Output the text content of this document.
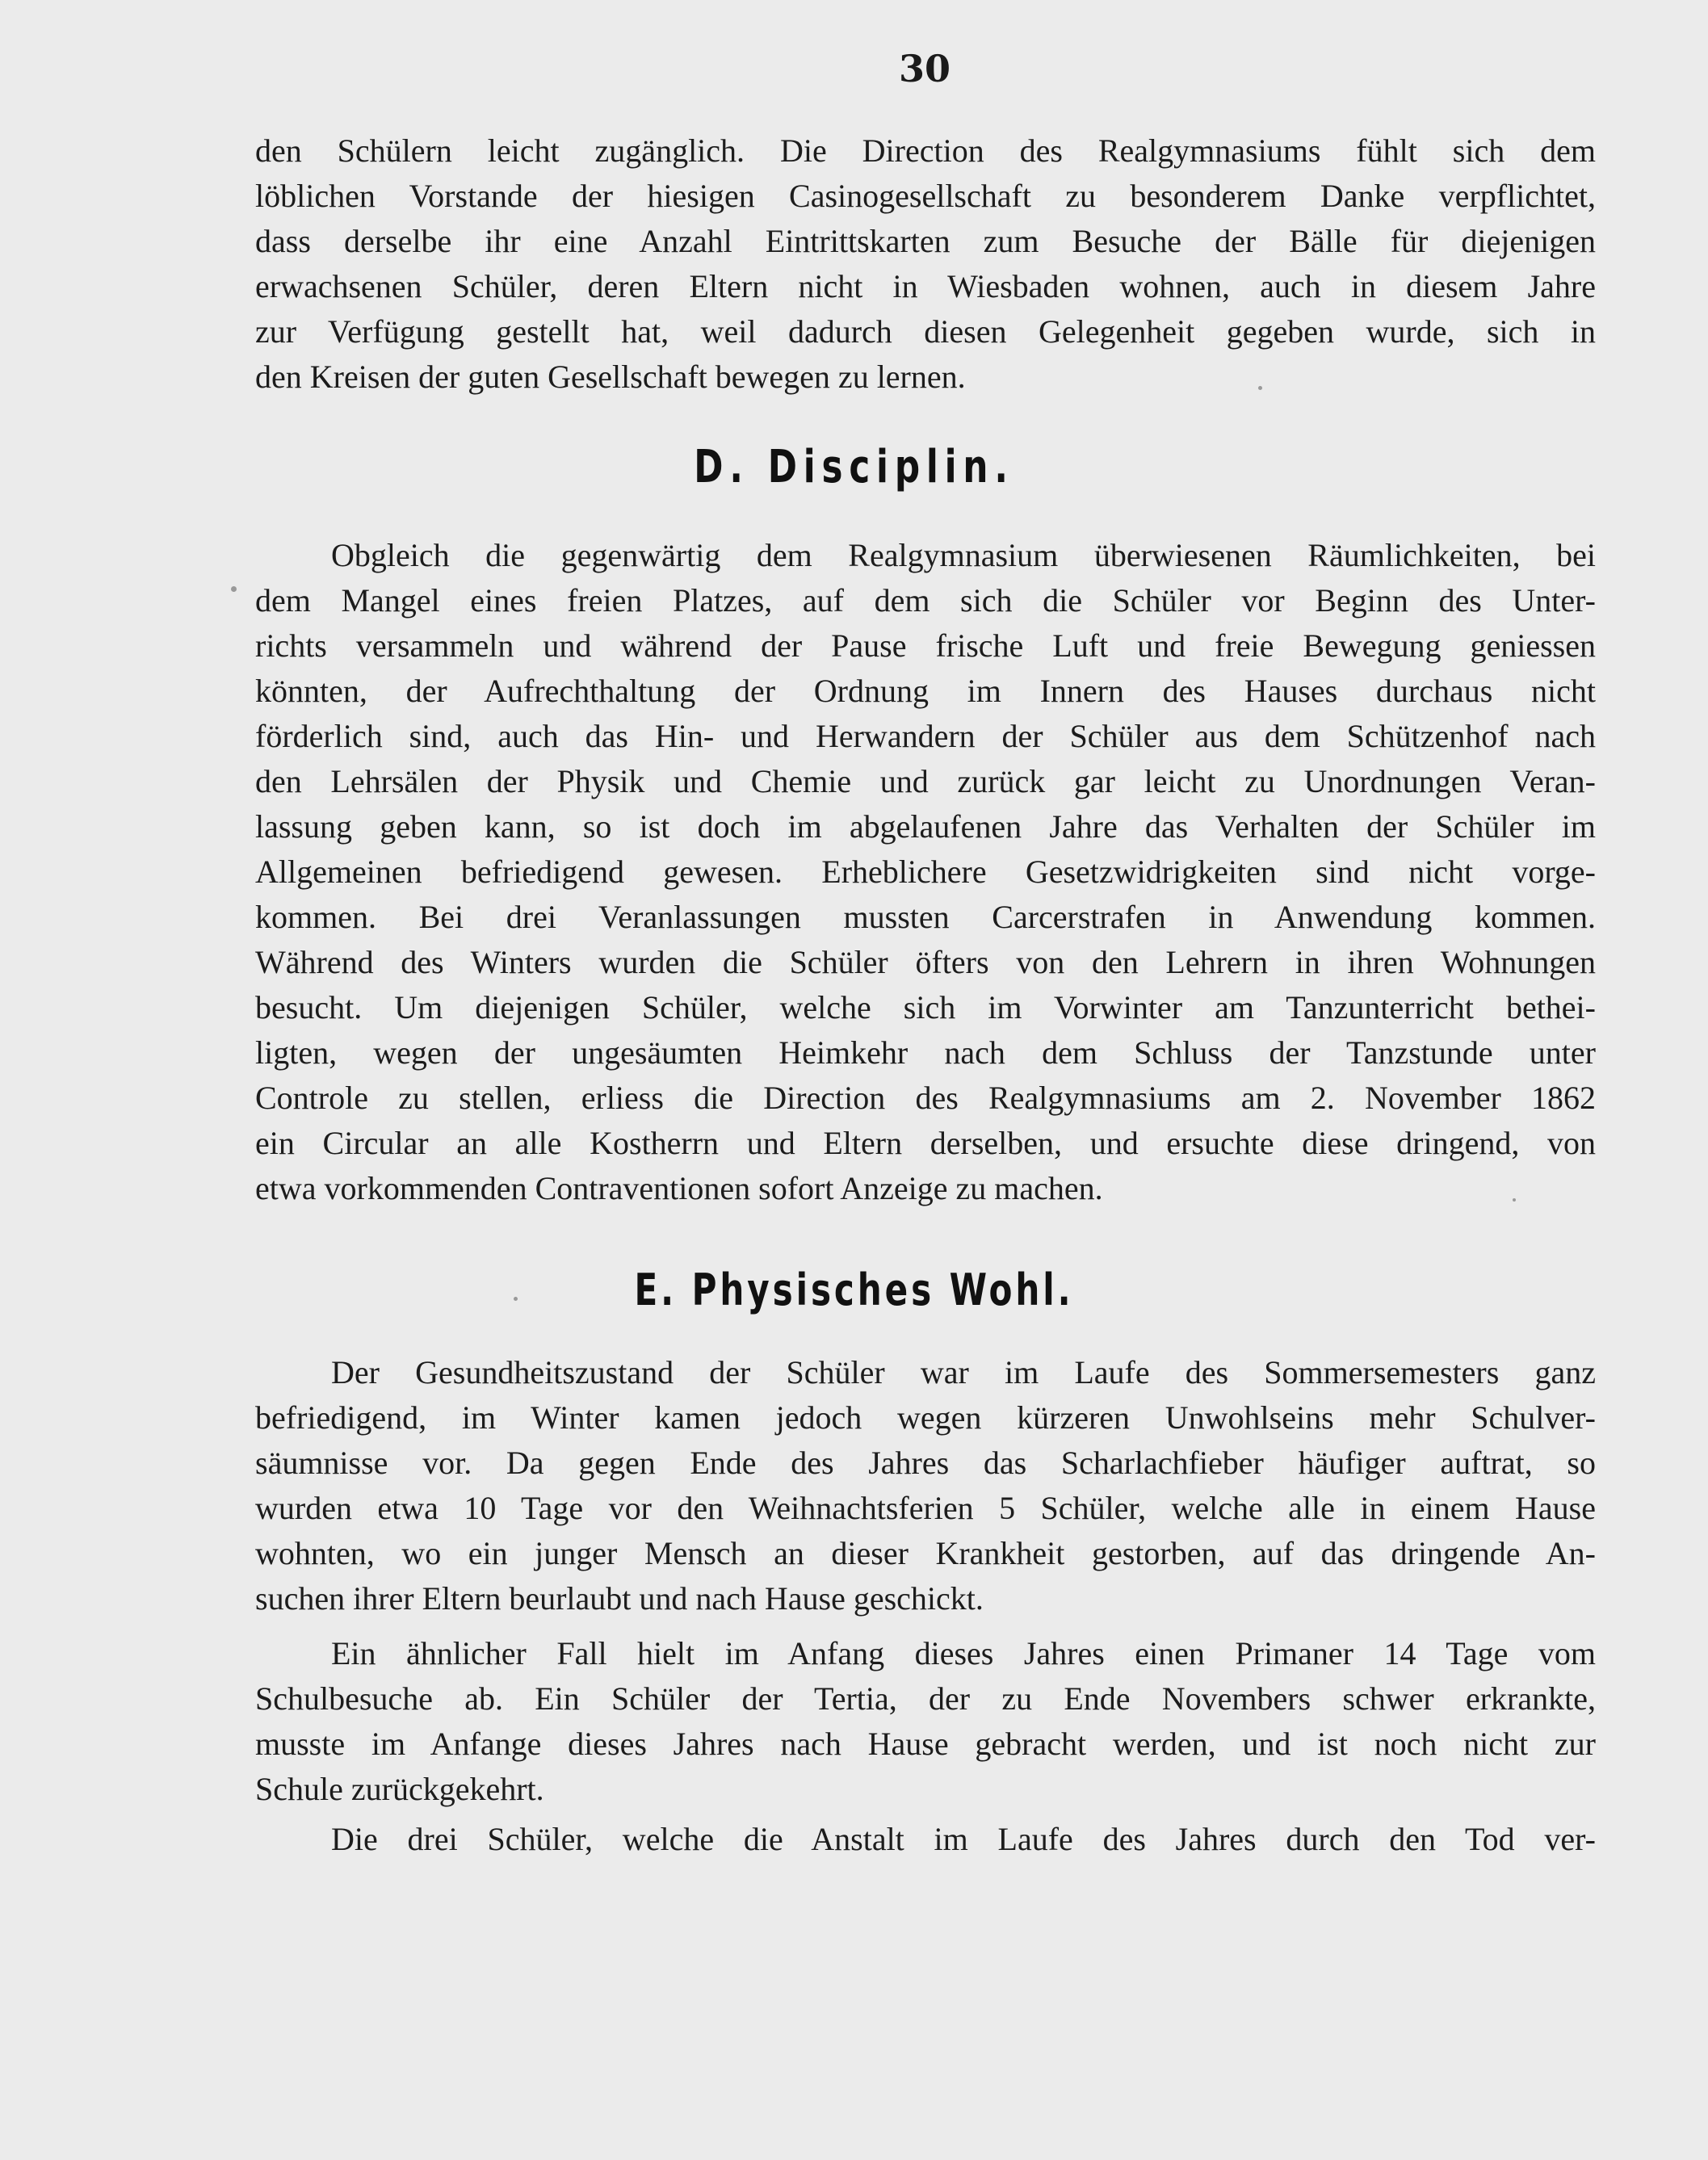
30
den Schülern leicht zugänglich. Die Direction des Realgymnasiums fühlt sich dem
löblichen Vorstande der hiesigen Casinogesellschaft zu besonderem Danke verpflichtet,
dass derselbe ihr eine Anzahl Eintrittskarten zum Besuche der Bälle für diejenigen
erwachsenen Schüler, deren Eltern nicht in Wiesbaden wohnen, auch in diesem Jahre
zur Verfügung gestellt hat, weil dadurch diesen Gelegenheit gegeben wurde, sich in
den Kreisen der guten Gesellschaft bewegen zu lernen.
D. Disciplin.
Obgleich die gegenwärtig dem Realgymnasium überwiesenen Räumlichkeiten, bei
dem Mangel eines freien Platzes, auf dem sich die Schüler vor Beginn des Unter-
richts versammeln und während der Pause frische Luft und freie Bewegung geniessen
könnten, der Aufrechthaltung der Ordnung im Innern des Hauses durchaus nicht
förderlich sind, auch das Hin- und Herwandern der Schüler aus dem Schützenhof nach
den Lehrsälen der Physik und Chemie und zurück gar leicht zu Unordnungen Veran-
lassung geben kann, so ist doch im abgelaufenen Jahre das Verhalten der Schüler im
Allgemeinen befriedigend gewesen. Erheblichere Gesetzwidrigkeiten sind nicht vorge-
kommen. Bei drei Veranlassungen mussten Carcerstrafen in Anwendung kommen.
Während des Winters wurden die Schüler öfters von den Lehrern in ihren Wohnungen
besucht. Um diejenigen Schüler, welche sich im Vorwinter am Tanzunterricht bethei-
ligten, wegen der ungesäumten Heimkehr nach dem Schluss der Tanzstunde unter
Controle zu stellen, erliess die Direction des Realgymnasiums am 2. November 1862
ein Circular an alle Kostherrn und Eltern derselben, und ersuchte diese dringend, von
etwa vorkommenden Contraventionen sofort Anzeige zu machen.
E. Physisches Wohl.
Der Gesundheitszustand der Schüler war im Laufe des Sommersemesters ganz
befriedigend, im Winter kamen jedoch wegen kürzeren Unwohlseins mehr Schulver-
säumnisse vor. Da gegen Ende des Jahres das Scharlachfieber häufiger auftrat, so
wurden etwa 10 Tage vor den Weihnachtsferien 5 Schüler, welche alle in einem Hause
wohnten, wo ein junger Mensch an dieser Krankheit gestorben, auf das dringende An-
suchen ihrer Eltern beurlaubt und nach Hause geschickt.
Ein ähnlicher Fall hielt im Anfang dieses Jahres einen Primaner 14 Tage vom
Schulbesuche ab. Ein Schüler der Tertia, der zu Ende Novembers schwer erkrankte,
musste im Anfange dieses Jahres nach Hause gebracht werden, und ist noch nicht zur
Schule zurückgekehrt.
Die drei Schüler, welche die Anstalt im Laufe des Jahres durch den Tod ver-
